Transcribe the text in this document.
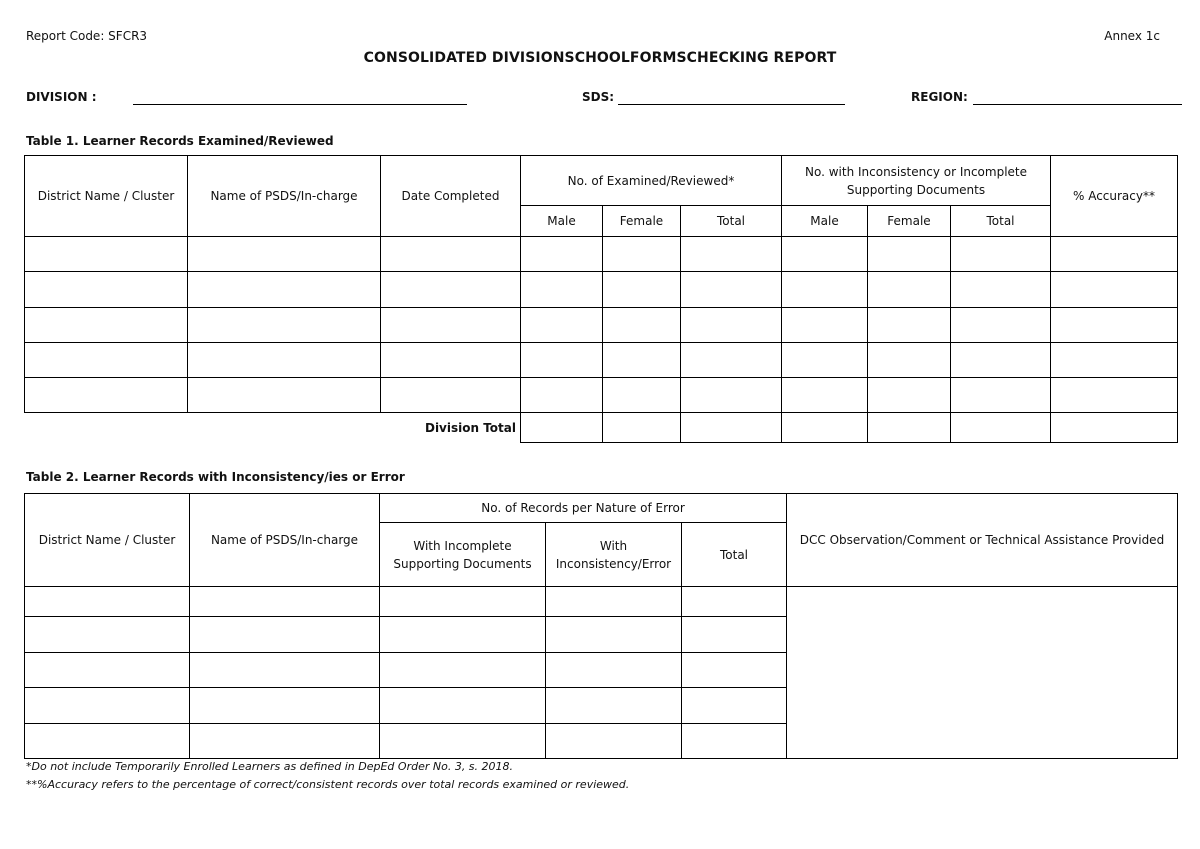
Report Code: SFCR3	Annex 1c
CONSOLIDATED DIVISIONSCHOOLFORMSCHECKING REPORT
DIVISION :	SDS:	REGION:
Table 1. Learner Records Examined/Reviewed
District Name / Cluster	Name of PSDS/In-charge	Date Completed	No. of Examined/Reviewed*			No. with Inconsistency or Incomplete Supporting Documents			% Accuracy**
			Male	Female	Total	Male	Female	Total	

		Division Total							
Table 2. Learner Records with Inconsistency/ies or Error
District Name / Cluster	Name of PSDS/In-charge	No. of Records per Nature of Error			DCC Observation/Comment or Technical Assistance Provided
		With Incomplete Supporting Documents	With Inconsistency/Error	Total	

*Do not include Temporarily Enrolled Learners as defined in DepEd Order No. 3, s. 2018.
**%Accuracy refers to the percentage of correct/consistent records over total records examined or reviewed.
